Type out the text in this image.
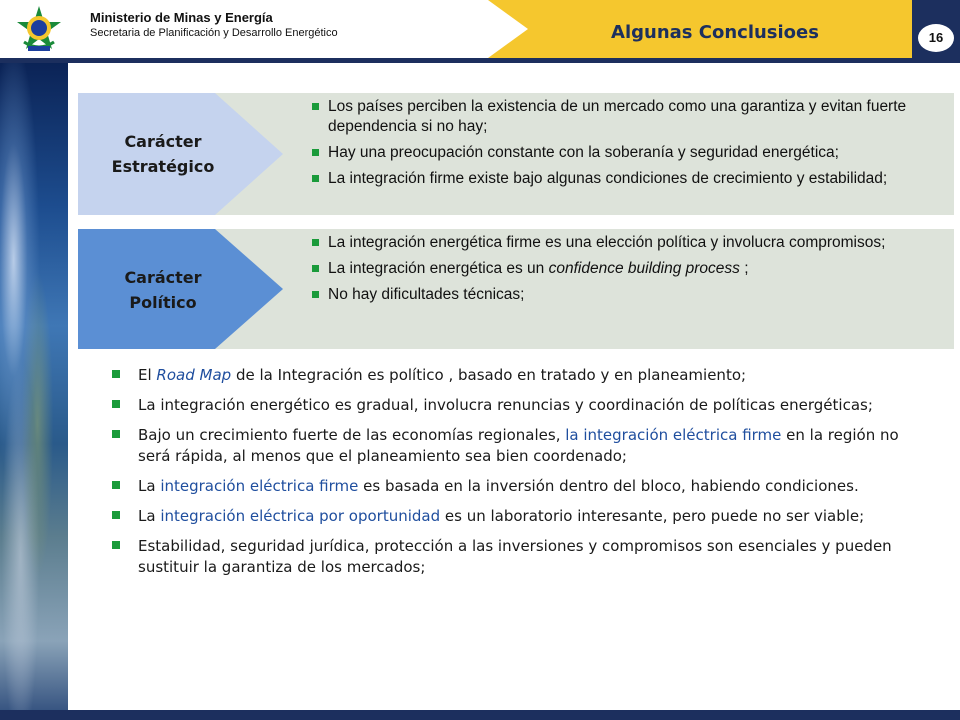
Ministerio de Minas y Energía
Secretaria de Planificación y Desarrollo Energético	Algunas Conclusioes	16
Carácter
Estratégico
Los países perciben la existencia de un mercado como una garantiza y evitan fuerte dependencia si no hay;
Hay una preocupación constante con la soberanía y seguridad energética;
La integración firme existe bajo algunas condiciones de crecimiento y estabilidad;
Carácter
Político
La integración energética firme es una elección política y involucra compromisos;
La integración energética es un confidence building process ;
No hay dificultades técnicas;
El Road Map de la Integración es político , basado en tratado y en planeamiento;
La integración energético es gradual, involucra renuncias y coordinación de políticas energéticas;
Bajo un crecimiento fuerte de las economías regionales, la integración eléctrica firme en la región no será rápida, al menos que el planeamiento sea bien coordenado;
La integración eléctrica firme es basada en la inversión dentro del bloco, habiendo condiciones.
La integración eléctrica por oportunidad es un laboratorio interesante, pero puede no ser viable;
Estabilidad, seguridad jurídica, protección a las inversiones y compromisos son esenciales y pueden sustituir la garantiza de los mercados;
